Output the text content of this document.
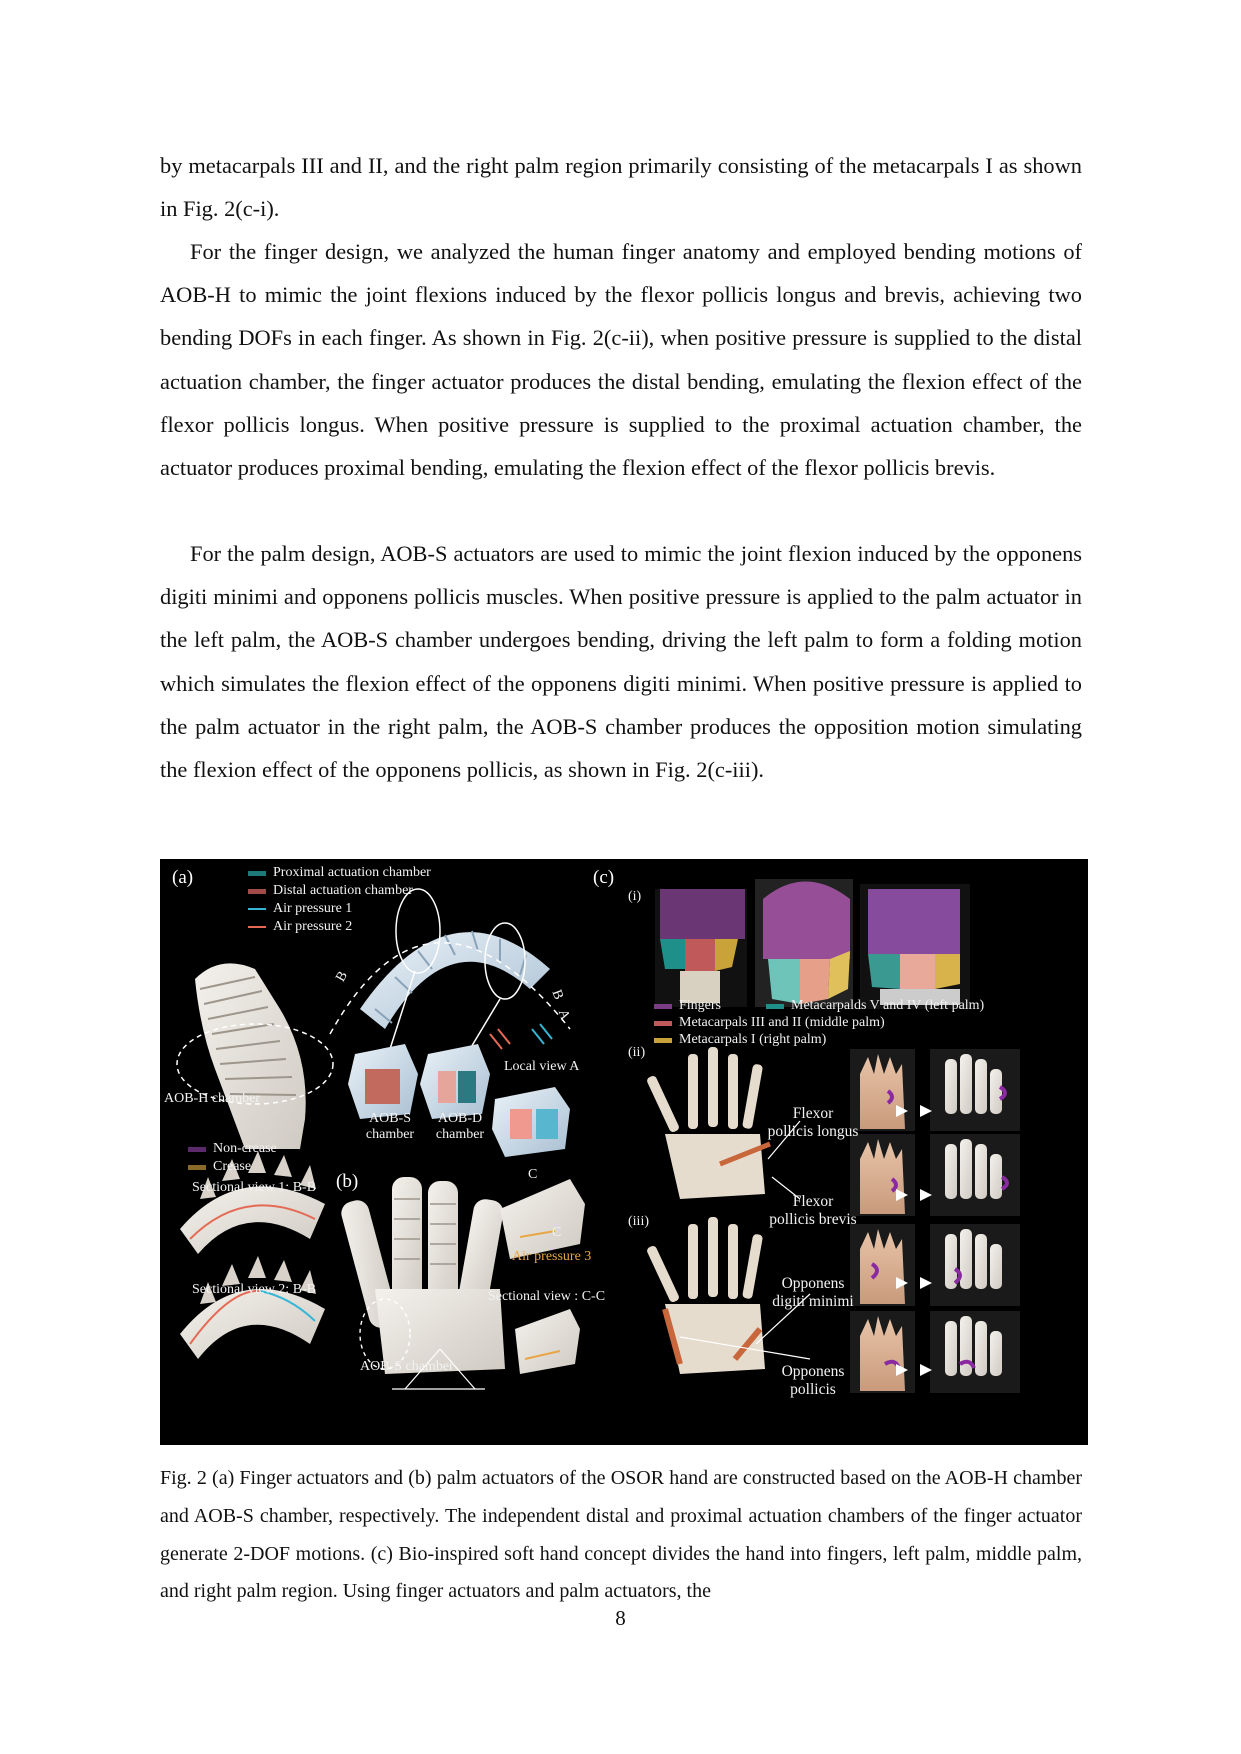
by metacarpals III and II, and the right palm region primarily consisting of the metacarpals I as shown in Fig. 2(c-i).

For the finger design, we analyzed the human finger anatomy and employed bending motions of AOB-H to mimic the joint flexions induced by the flexor pollicis longus and brevis, achieving two bending DOFs in each finger. As shown in Fig. 2(c-ii), when positive pressure is supplied to the distal actuation chamber, the finger actuator produces the distal bending, emulating the flexion effect of the flexor pollicis longus. When positive pressure is supplied to the proximal actuation chamber, the actuator produces proximal bending, emulating the flexion effect of the flexor pollicis brevis.

For the palm design, AOB-S actuators are used to mimic the joint flexion induced by the opponens digiti minimi and opponens pollicis muscles. When positive pressure is applied to the palm actuator in the left palm, the AOB-S chamber undergoes bending, driving the left palm to form a folding motion which simulates the flexion effect of the opponens digiti minimi. When positive pressure is applied to the palm actuator in the right palm, the AOB-S chamber produces the opposition motion simulating the flexion effect of the opponens pollicis, as shown in Fig. 2(c-iii).

(a)
(b)
(c)
Proximal actuation chamber
Distal actuation chamber
Air pressure 1
Air pressure 2
AOB-H chamber
B
B
A
AOB-S
chamber
AOB-D
chamber
Local view A
Non-crease
Crease
Sectional view 1: B-B
Sectional view 2: B-B
AOB-S chamber
Air pressure 3
Sectional view : C-C
C
C
(i)
(ii)
(iii)
Fingers	Metacarpalds V and IV (left palm)
Metacarpals III and II (middle palm)
Metacarpals I (right palm)
Flexor
pollicis longus
Flexor
pollicis brevis
Opponens
digiti minimi
Opponens
pollicis

Fig. 2 (a) Finger actuators and (b) palm actuators of the OSOR hand are constructed based on the AOB-H chamber and AOB-S chamber, respectively. The independent distal and proximal actuation chambers of the finger actuator generate 2-DOF motions. (c) Bio-inspired soft hand concept divides the hand into fingers, left palm, middle palm, and right palm region. Using finger actuators and palm actuators, the

8
